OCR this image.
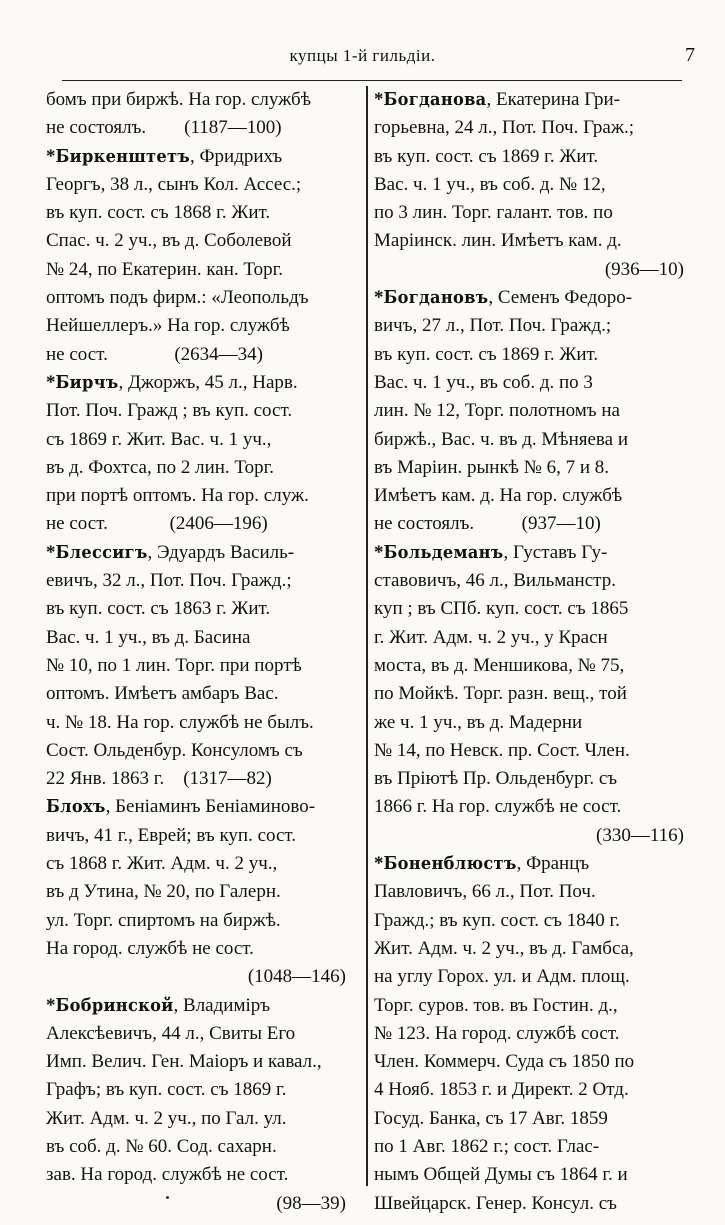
купцы 1-й гильдіи.	7
бомъ при биржѣ. На гор. службѣ
не состоялъ.        (1187—100)
*Биркенштетъ, Фридрихъ
Георгъ, 38 л., сынъ Кол. Ассес.;
въ куп. сост. съ 1868 г. Жит.
Спас. ч. 2 уч., въ д. Соболевой
№ 24, по Екатерин. кан. Торг.
оптомъ подъ фирм.: «Леопольдъ
Нейшеллеръ.» На гор. службѣ
не сост.              (2634—34)
*Бирчъ, Джоржъ, 45 л., Нарв.
Пот. Поч. Гражд ; въ куп. сост.
съ 1869 г. Жит. Вас. ч. 1 уч.,
въ д. Фохтса, по 2 лин. Торг.
при портѣ оптомъ. На гор. служ.
не сост.             (2406—196)
*Блессигъ, Эдуардъ Василь-
евичъ, 32 л., Пот. Поч. Гражд.;
въ куп. сост. съ 1863 г. Жит.
Вас. ч. 1 уч., въ д. Басина
№ 10, по 1 лин. Торг. при портѣ
оптомъ. Имѣетъ амбаръ Вас.
ч. № 18. На гор. службѣ не былъ.
Сост. Ольденбур. Консуломъ съ
22 Янв. 1863 г.    (1317—82)
Блохъ, Беніаминъ Беніаминово-
вичъ, 41 г., Еврей; въ куп. сост.
съ 1868 г. Жит. Адм. ч. 2 уч.,
въ д Утина, № 20, по Галерн.
ул. Торг. спиртомъ на биржѣ.
На город. службѣ не сост.
(1048—146)
*Бобринской, Владиміръ
Алексѣевичъ, 44 л., Свиты Его
Имп. Велич. Ген. Маіоръ и кавал.,
Графъ; въ куп. сост. съ 1869 г.
Жит. Адм. ч. 2 уч., по Гал. ул.
въ соб. д. № 60. Сод. сахарн.
зав. На город. службѣ не сост.
(98—39)
*Богданова, Екатерина Гри-
горьевна, 24 л., Пот. Поч. Граж.;
въ куп. сост. съ 1869 г. Жит.
Вас. ч. 1 уч., въ соб. д. № 12,
по 3 лин. Торг. галант. тов. по
Маріинск. лин. Имѣетъ кам. д.
(936—10)
*Богдановъ, Семенъ Федоро-
вичъ, 27 л., Пот. Поч. Гражд.;
въ куп. сост. съ 1869 г. Жит.
Вас. ч. 1 уч., въ соб. д. по 3
лин. № 12, Торг. полотномъ на
биржѣ., Вас. ч. въ д. Мѣняева и
въ Маріин. рынкѣ № 6, 7 и 8.
Имѣетъ кам. д. На гор. службѣ
не состоялъ.          (937—10)
*Больдеманъ, Густавъ Гу-
ставовичъ, 46 л., Вильманстр.
куп ; въ СПб. куп. сост. съ 1865
г. Жит. Адм. ч. 2 уч., у Красн
моста, въ д. Меншикова, № 75,
по Мойкѣ. Торг. разн. вещ., той
же ч. 1 уч., въ д. Мадерни
№ 14, по Невск. пр. Сост. Член.
въ Пріютѣ Пр. Ольденбург. съ
1866 г. На гор. службѣ не сост.
(330—116)
*Боненблюстъ, Францъ
Павловичъ, 66 л., Пот. Поч.
Гражд.; въ куп. сост. съ 1840 г.
Жит. Адм. ч. 2 уч., въ д. Гамбса,
на углу Горох. ул. и Адм. площ.
Торг. суров. тов. въ Гостин. д.,
№ 123. На город. службѣ сост.
Член. Коммерч. Суда съ 1850 по
4 Нояб. 1853 г. и Директ. 2 Отд.
Госуд. Банка, съ 17 Авг. 1859
по 1 Авг. 1862 г.; сост. Глас-
нымъ Общей Думы съ 1864 г. и
Швейцарск. Генер. Консул. съ
